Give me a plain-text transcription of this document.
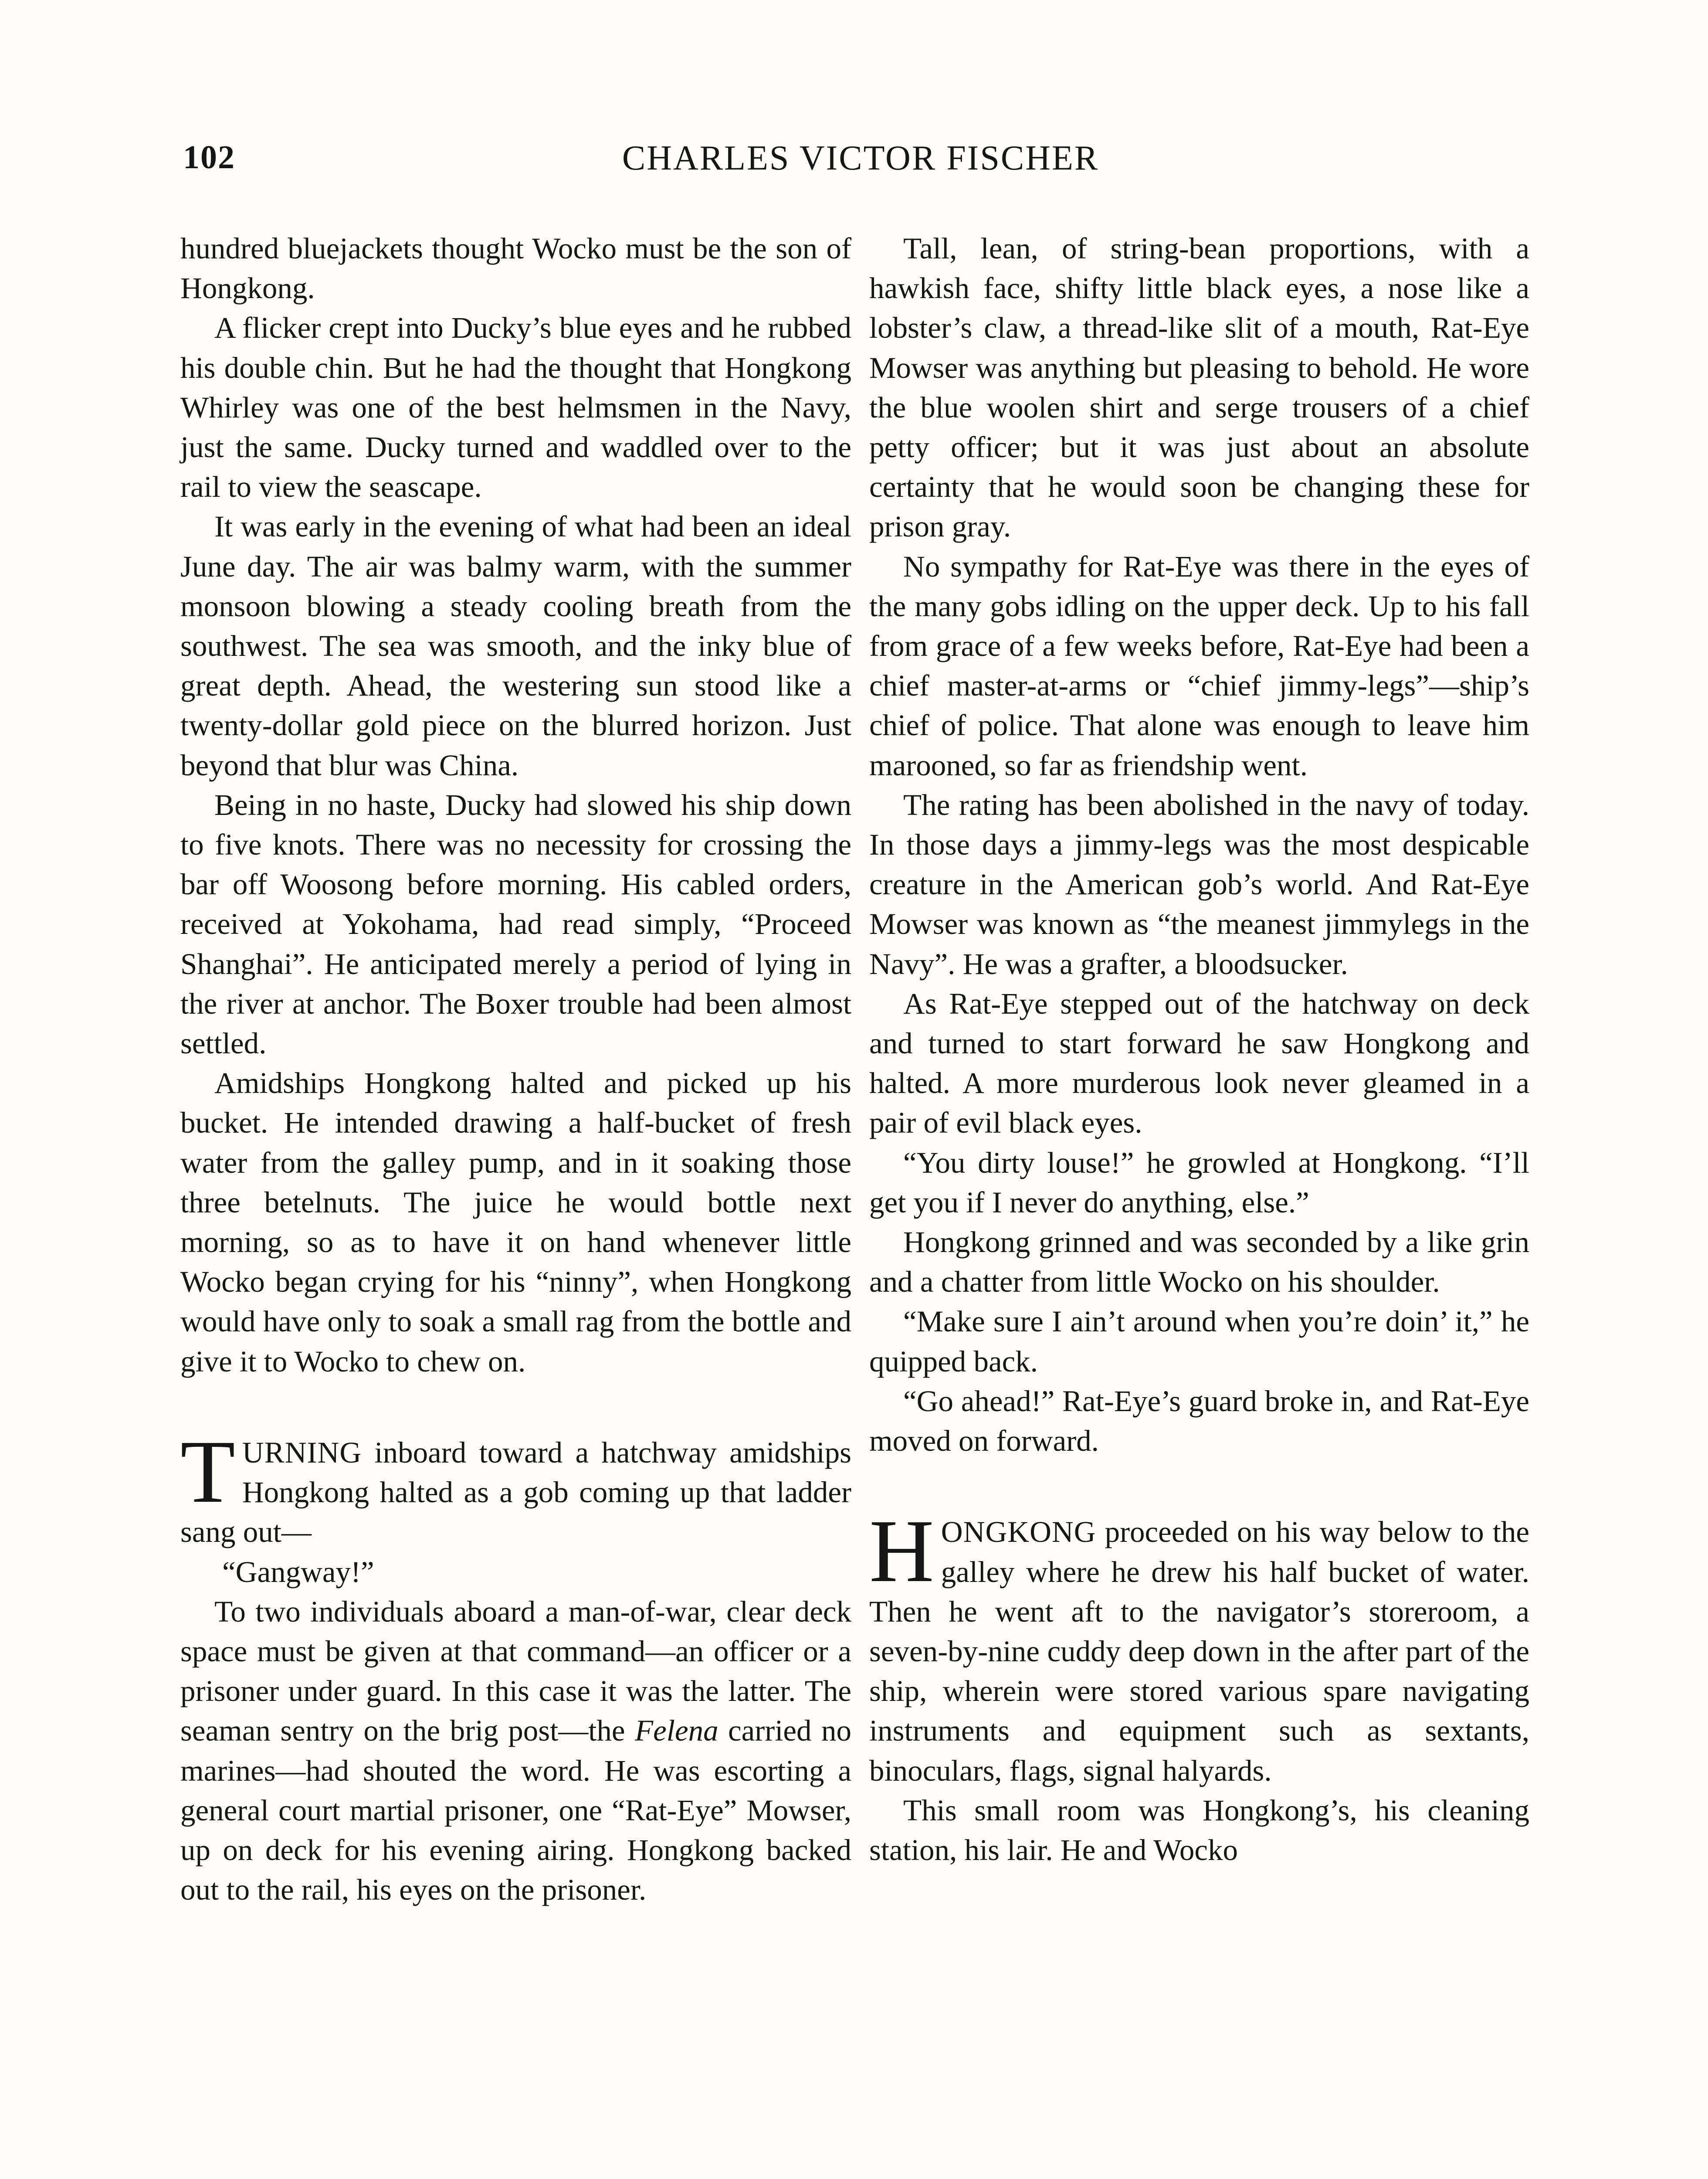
102	CHARLES VICTOR FISCHER

hundred bluejackets thought Wocko must be the son of Hongkong.

A flicker crept into Ducky’s blue eyes and he rubbed his double chin. But he had the thought that Hongkong Whirley was one of the best helmsmen in the Navy, just the same. Ducky turned and waddled over to the rail to view the seascape.

It was early in the evening of what had been an ideal June day. The air was balmy warm, with the summer monsoon blowing a steady cooling breath from the southwest. The sea was smooth, and the inky blue of great depth. Ahead, the westering sun stood like a twenty-dollar gold piece on the blurred horizon. Just beyond that blur was China.

Being in no haste, Ducky had slowed his ship down to five knots. There was no necessity for crossing the bar off Woosong before morning. His cabled orders, received at Yokohama, had read simply, “Proceed Shanghai”. He anticipated merely a period of lying in the river at anchor. The Boxer trouble had been almost settled.

Amidships Hongkong halted and picked up his bucket. He intended drawing a half-bucket of fresh water from the galley pump, and in it soaking those three betelnuts. The juice he would bottle next morning, so as to have it on hand whenever little Wocko began crying for his “ninny”, when Hongkong would have only to soak a small rag from the bottle and give it to Wocko to chew on.

TURNING inboard toward a hatchway amidships Hongkong halted as a gob coming up that ladder sang out—

“Gangway!”

To two individuals aboard a man-of-war, clear deck space must be given at that command—an officer or a prisoner under guard. In this case it was the latter. The seaman sentry on the brig post—the Felena carried no marines—had shouted the word. He was escorting a general court martial prisoner, one “Rat-Eye” Mowser, up on deck for his evening airing. Hongkong backed out to the rail, his eyes on the prisoner.

Tall, lean, of string-bean proportions, with a hawkish face, shifty little black eyes, a nose like a lobster’s claw, a thread-like slit of a mouth, Rat-Eye Mowser was anything but pleasing to behold. He wore the blue woolen shirt and serge trousers of a chief petty officer; but it was just about an absolute certainty that he would soon be changing these for prison gray.

No sympathy for Rat-Eye was there in the eyes of the many gobs idling on the upper deck. Up to his fall from grace of a few weeks before, Rat-Eye had been a chief master-at-arms or “chief jimmy-legs”—ship’s chief of police. That alone was enough to leave him marooned, so far as friendship went.

The rating has been abolished in the navy of today. In those days a jimmy-legs was the most despicable creature in the American gob’s world. And Rat-Eye Mowser was known as “the meanest jimmylegs in the Navy”. He was a grafter, a bloodsucker.

As Rat-Eye stepped out of the hatchway on deck and turned to start forward he saw Hongkong and halted. A more murderous look never gleamed in a pair of evil black eyes.

“You dirty louse!” he growled at Hongkong. “I’ll get you if I never do anything, else.”

Hongkong grinned and was seconded by a like grin and a chatter from little Wocko on his shoulder.

“Make sure I ain’t around when you’re doin’ it,” he quipped back.

“Go ahead!” Rat-Eye’s guard broke in, and Rat-Eye moved on forward.

HONGKONG proceeded on his way below to the galley where he drew his half bucket of water. Then he went aft to the navigator’s storeroom, a seven-by-nine cuddy deep down in the after part of the ship, wherein were stored various spare navigating instruments and equipment such as sextants, binoculars, flags, signal halyards.

This small room was Hongkong’s, his cleaning station, his lair. He and Wocko
